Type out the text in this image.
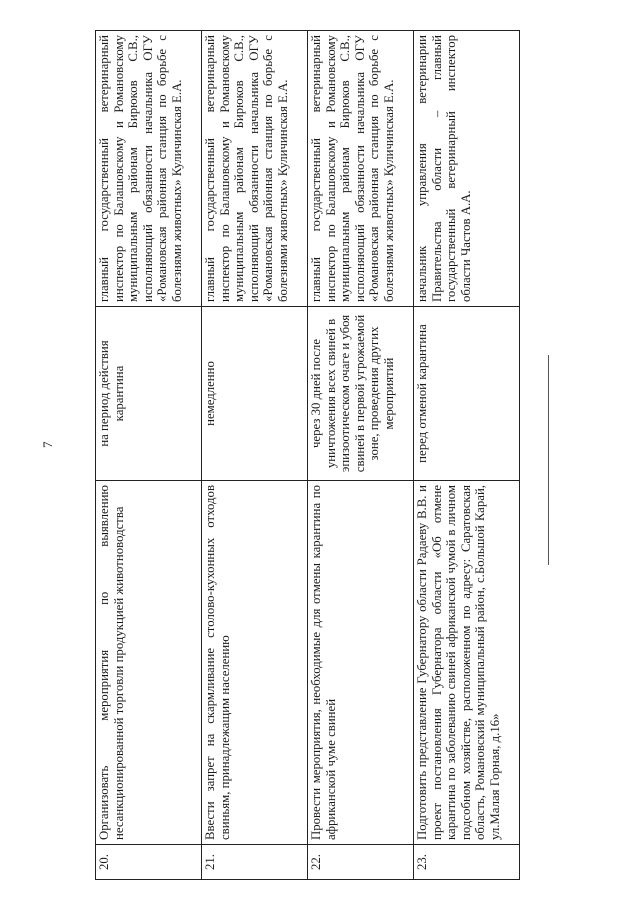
7
20.	Организовать мероприятия по выявлению несанкционированной торговли продукцией животноводства	на период действия карантина	главный государственный ветеринарный инспектор по Балашовскому и Романовскому муниципальным районам Бирюков С.В., исполняющий обязанности начальника ОГУ «Романовская районная станция по борьбе с болезнями животных» Куличинская Е.А.
21.	Ввести запрет на скармливание столово-кухонных отходов свиньям, принадлежащим населению	немедленно	главный государственный ветеринарный инспектор по Балашовскому и Романовскому муниципальным районам Бирюков С.В., исполняющий обязанности начальника ОГУ «Романовская районная станция по борьбе с болезнями животных» Куличинская Е.А.
22.	Провести мероприятия, необходимые для отмены карантина по африканской чуме свиней	через 30 дней после уничтожения всех свиней в эпизоотическом очаге и убоя свиней в первой угрожаемой зоне, проведения других мероприятий	главный государственный ветеринарный инспектор по Балашовскому и Романовскому муниципальным районам Бирюков С.В., исполняющий обязанности начальника ОГУ «Романовская районная станция по борьбе с болезнями животных» Куличинская Е.А.
23.	Подготовить представление Губернатору области Радаеву В.В. и проект постановления Губернатора области «Об отмене карантина по заболеванию свиней африканской чумой в личном подсобном хозяйстве, расположенном по адресу: Саратовская область, Романовский муниципальный район, с.Большой Карай, ул.Малая Горная, д.16»	перед отменой карантина	начальник управления ветеринарии Правительства области – главный государственный ветеринарный инспектор области Частов А.А.
